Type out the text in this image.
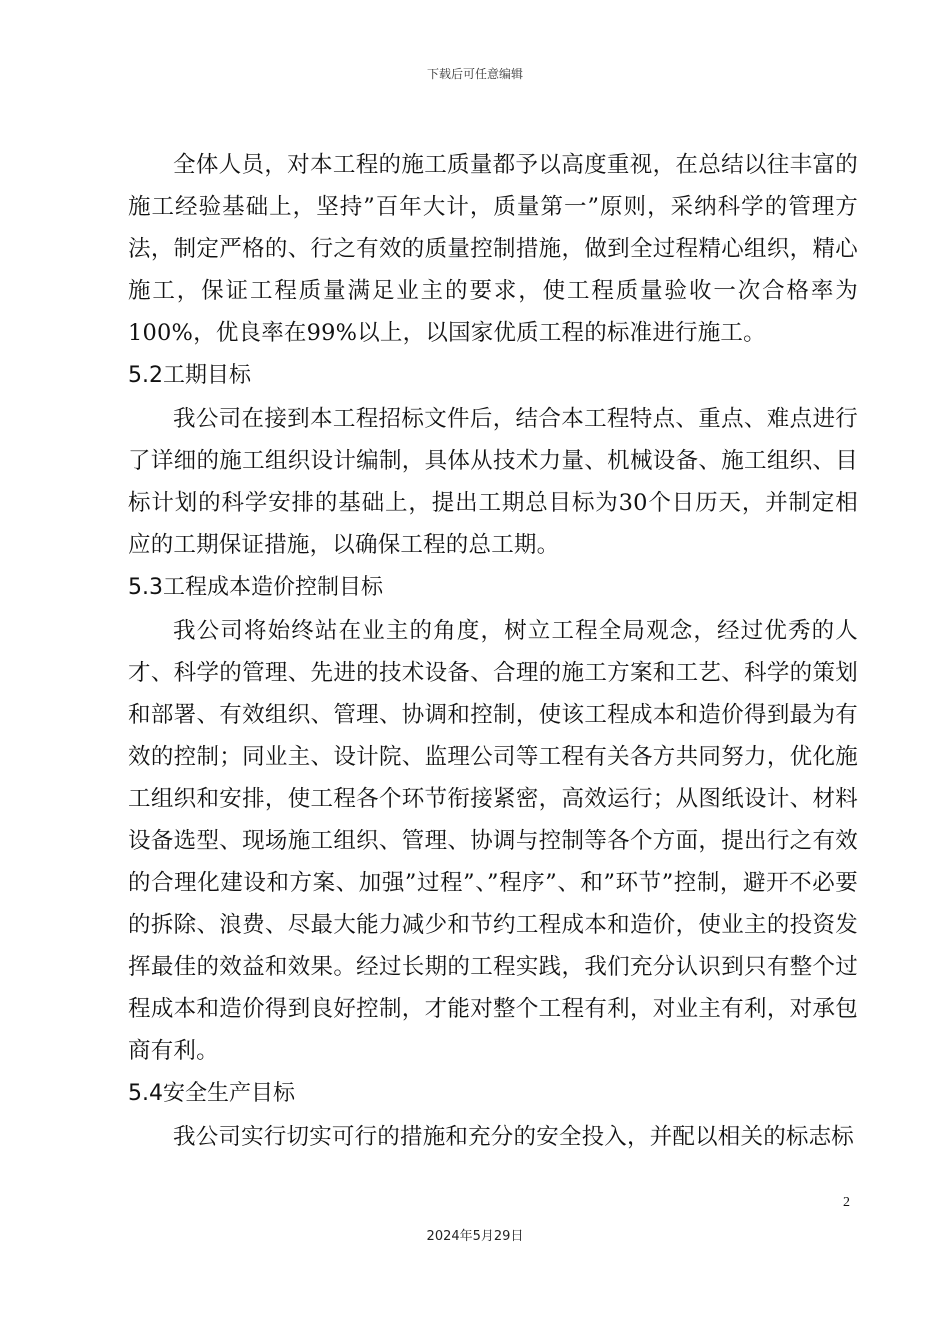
下载后可任意编辑

全体人员，对本工程的施工质量都予以高度重视，在总结以往丰富的施工经验基础上，坚持”百年大计，质量第一”原则，采纳科学的管理方法，制定严格的、行之有效的质量控制措施，做到全过程精心组织，精心施工，保证工程质量满足业主的要求，使工程质量验收一次合格率为100%，优良率在99%以上，以国家优质工程的标准进行施工。

5.2工期目标

我公司在接到本工程招标文件后，结合本工程特点、重点、难点进行了详细的施工组织设计编制，具体从技术力量、机械设备、施工组织、目标计划的科学安排的基础上，提出工期总目标为30个日历天，并制定相应的工期保证措施，以确保工程的总工期。

5.3工程成本造价控制目标

我公司将始终站在业主的角度，树立工程全局观念，经过优秀的人才、科学的管理、先进的技术设备、合理的施工方案和工艺、科学的策划和部署、有效组织、管理、协调和控制，使该工程成本和造价得到最为有效的控制；同业主、设计院、监理公司等工程有关各方共同努力，优化施工组织和安排，使工程各个环节衔接紧密，高效运行；从图纸设计、材料设备选型、现场施工组织、管理、协调与控制等各个方面，提出行之有效的合理化建设和方案、加强”过程”、”程序”、和”环节”控制，避开不必要的拆除、浪费、尽最大能力减少和节约工程成本和造价，使业主的投资发挥最佳的效益和效果。经过长期的工程实践，我们充分认识到只有整个过程成本和造价得到良好控制，才能对整个工程有利，对业主有利，对承包商有利。

5.4安全生产目标

我公司实行切实可行的措施和充分的安全投入，并配以相关的标志标

2
2024年5月29日
